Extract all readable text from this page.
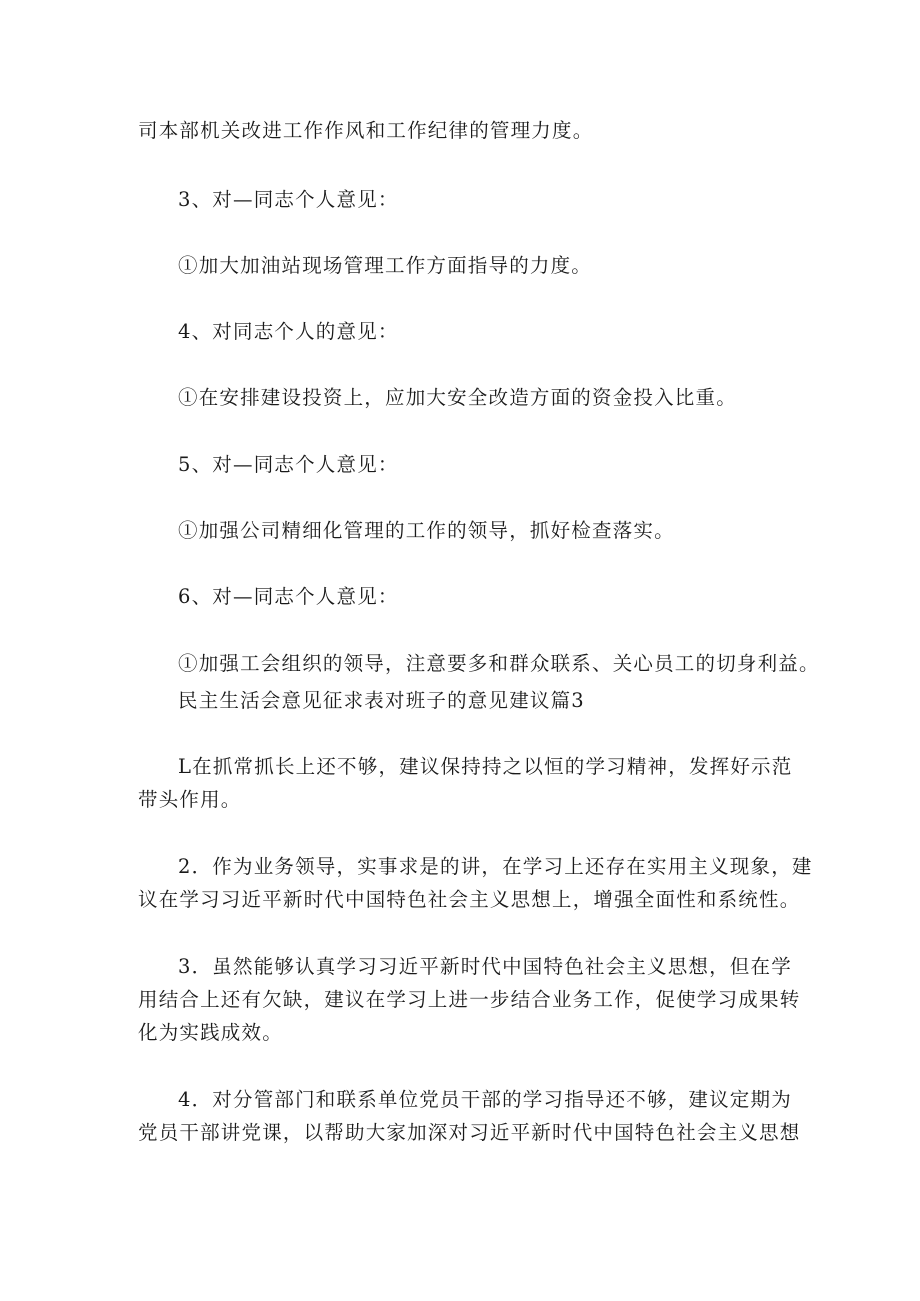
司本部机关改进工作作风和工作纪律的管理力度。
3、对—同志个人意见：
①加大加油站现场管理工作方面指导的力度。
4、对同志个人的意见：
①在安排建设投资上，应加大安全改造方面的资金投入比重。
5、对—同志个人意见：
①加强公司精细化管理的工作的领导，抓好检查落实。
6、对—同志个人意见：
①加强工会组织的领导，注意要多和群众联系、关心员工的切身利益。
民主生活会意见征求表对班子的意见建议篇3
L在抓常抓长上还不够，建议保持持之以恒的学习精神，发挥好示范
带头作用。
2．作为业务领导，实事求是的讲，在学习上还存在实用主义现象，建
议在学习习近平新时代中国特色社会主义思想上，增强全面性和系统性。
3．虽然能够认真学习习近平新时代中国特色社会主义思想，但在学
用结合上还有欠缺，建议在学习上进一步结合业务工作，促使学习成果转
化为实践成效。
4．对分管部门和联系单位党员干部的学习指导还不够，建议定期为
党员干部讲党课，以帮助大家加深对习近平新时代中国特色社会主义思想
